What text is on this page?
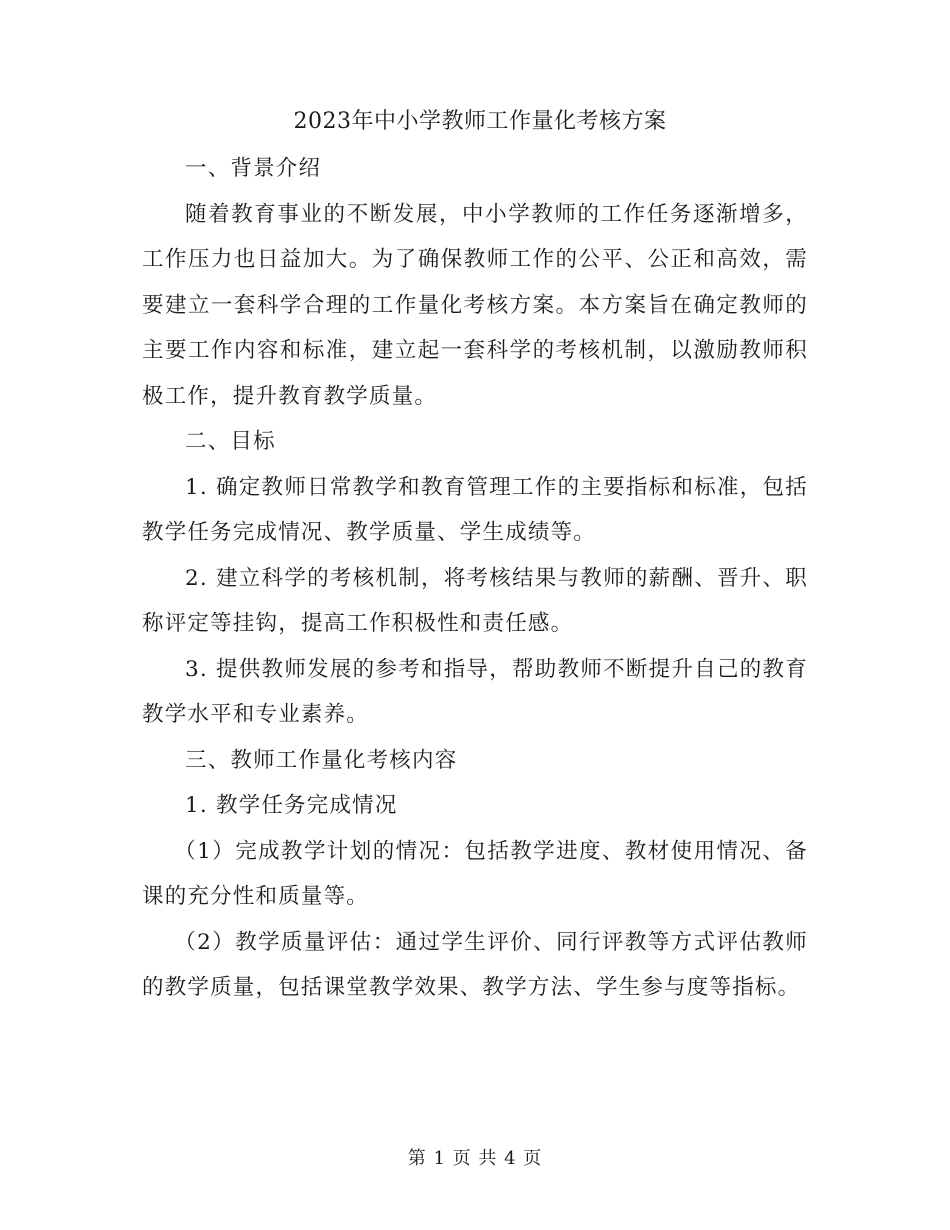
2023年中小学教师工作量化考核方案

一、背景介绍

随着教育事业的不断发展，中小学教师的工作任务逐渐增多，工作压力也日益加大。为了确保教师工作的公平、公正和高效，需要建立一套科学合理的工作量化考核方案。本方案旨在确定教师的主要工作内容和标准，建立起一套科学的考核机制，以激励教师积极工作，提升教育教学质量。

二、目标

1. 确定教师日常教学和教育管理工作的主要指标和标准，包括教学任务完成情况、教学质量、学生成绩等。

2. 建立科学的考核机制，将考核结果与教师的薪酬、晋升、职称评定等挂钩，提高工作积极性和责任感。

3. 提供教师发展的参考和指导，帮助教师不断提升自己的教育教学水平和专业素养。

三、教师工作量化考核内容

1. 教学任务完成情况

（1）完成教学计划的情况：包括教学进度、教材使用情况、备课的充分性和质量等。

（2）教学质量评估：通过学生评价、同行评教等方式评估教师的教学质量，包括课堂教学效果、教学方法、学生参与度等指标。

第 1 页 共 4 页
